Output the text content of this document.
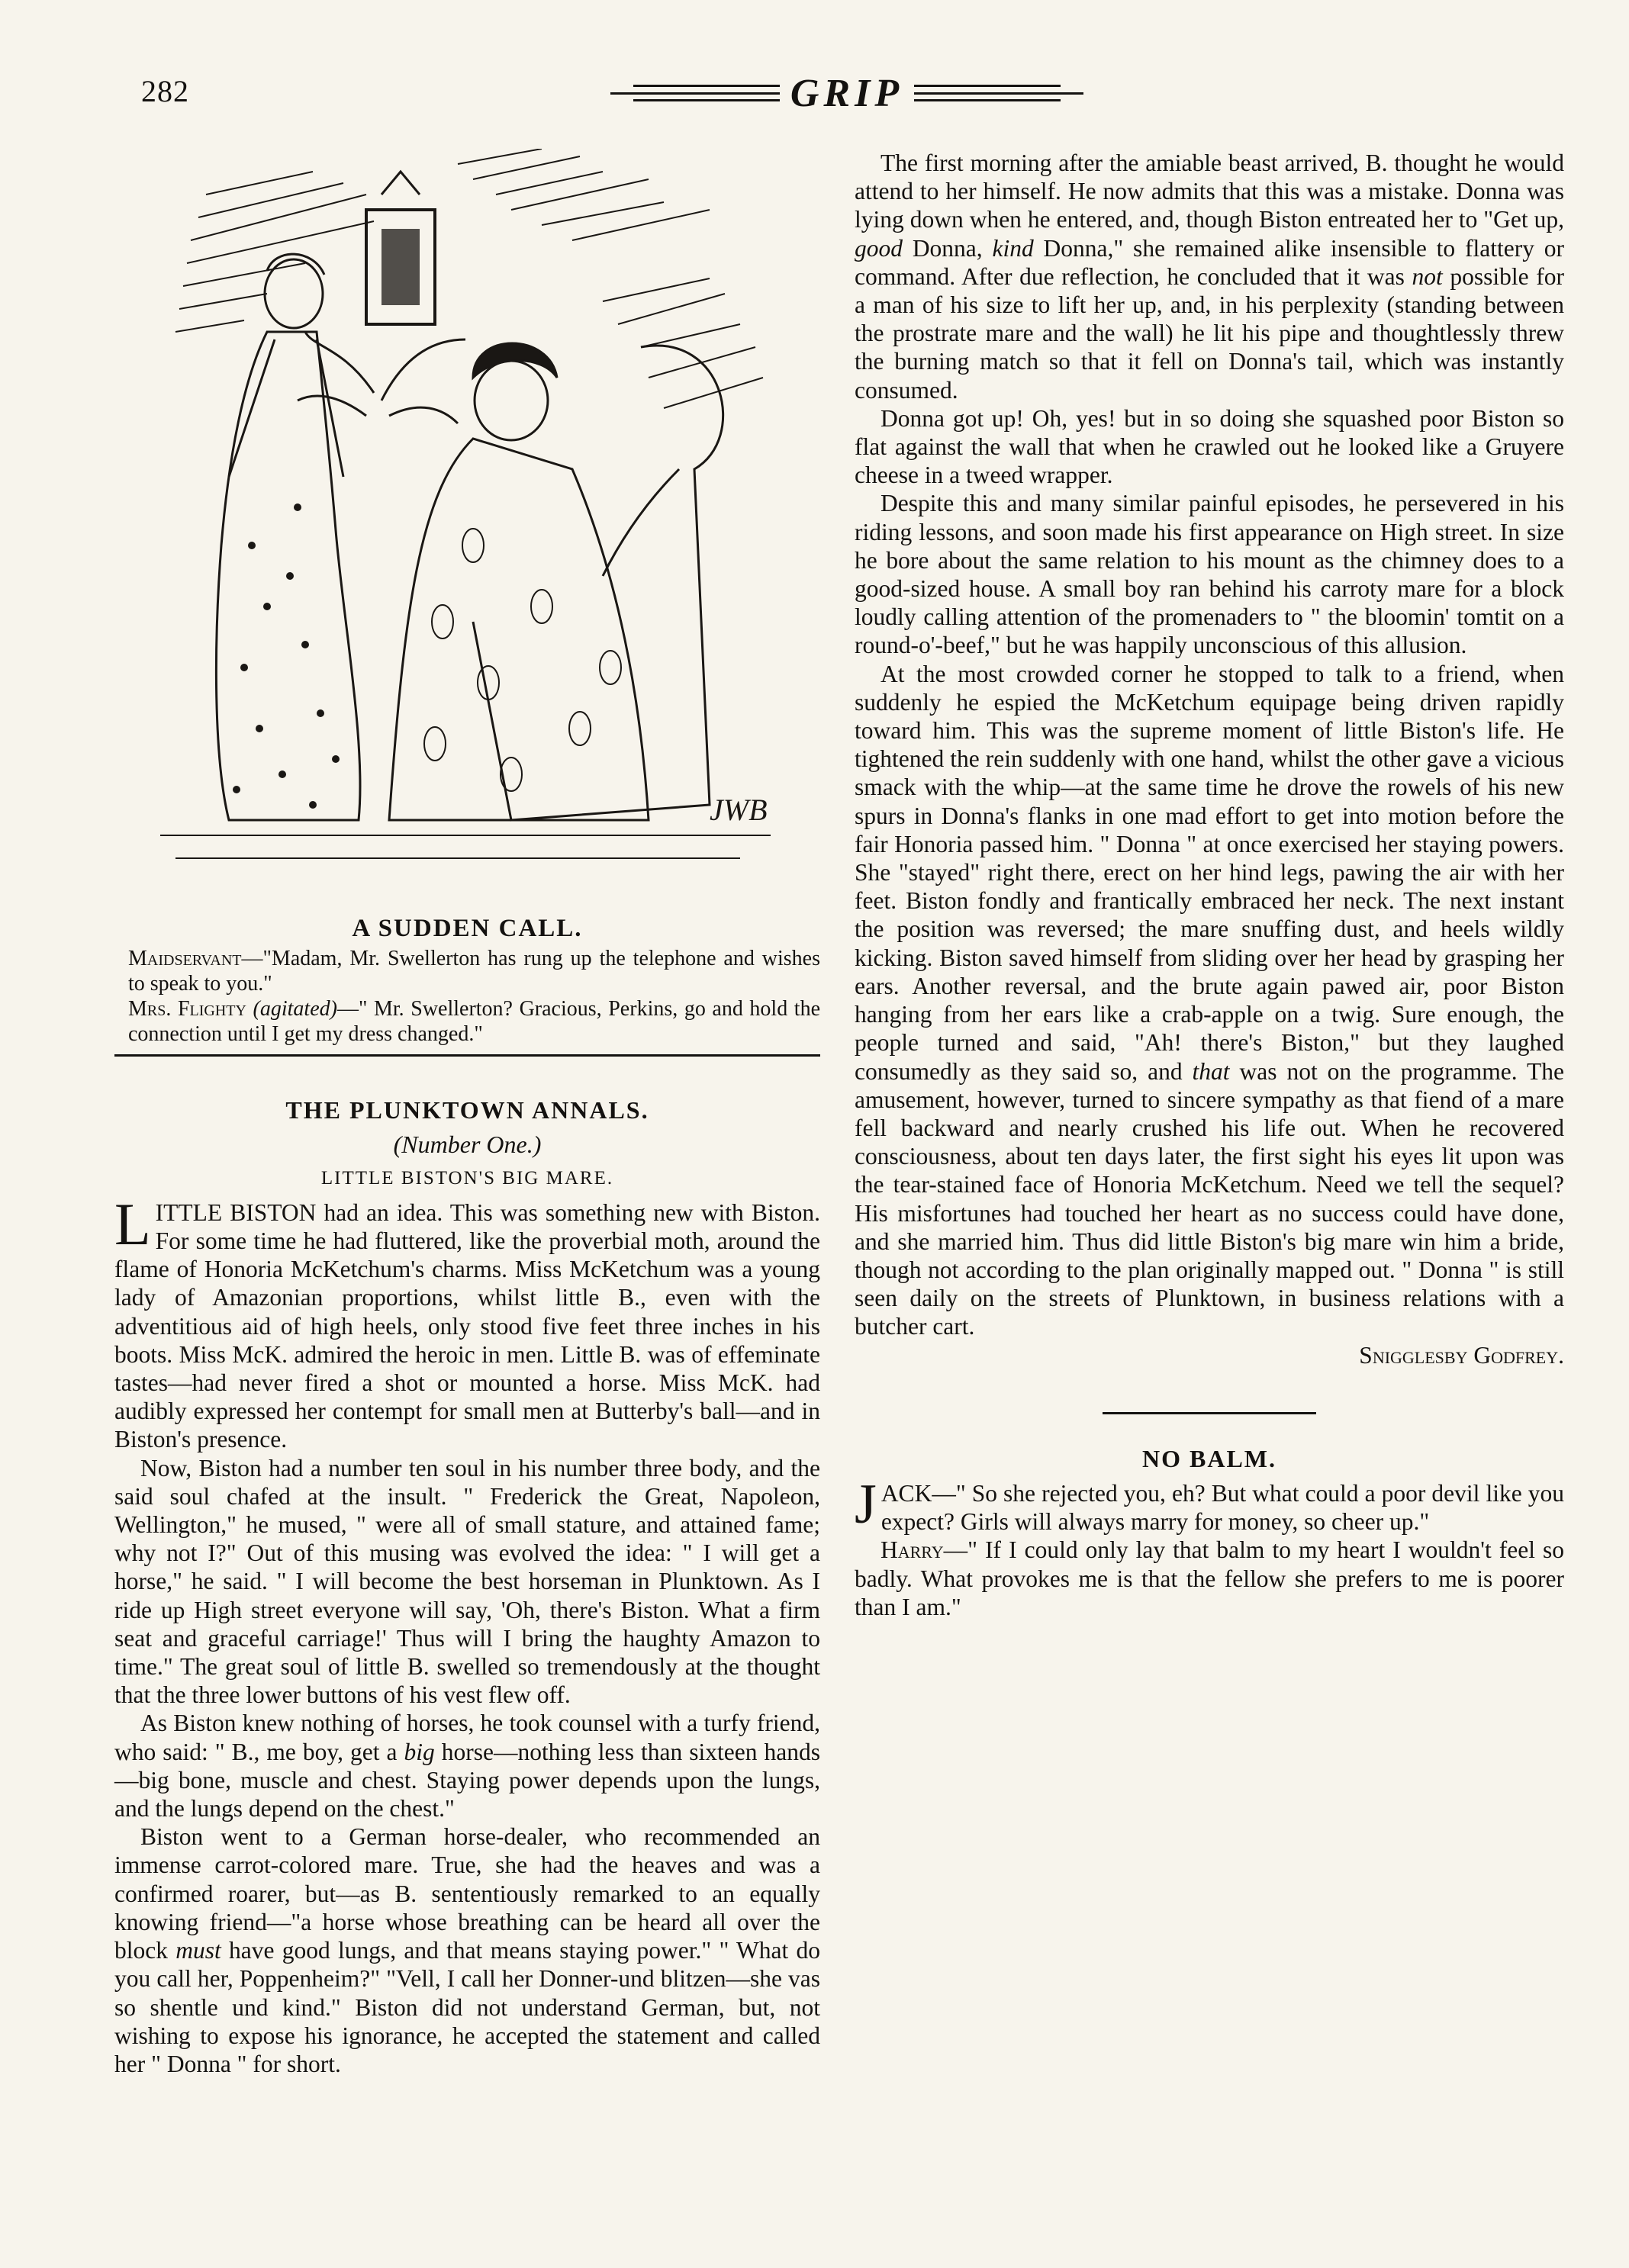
282	GRIP
JWB
A SUDDEN CALL.

Maidservant—"Madam, Mr. Swellerton has rung up the telephone and wishes to speak to you."

Mrs. Flighty (agitated)—" Mr. Swellerton? Gracious, Perkins, go and hold the connection until I get my dress changed."

THE PLUNKTOWN ANNALS.
(Number One.)
LITTLE BISTON'S BIG MARE.

LITTLE BISTON had an idea. This was something new with Biston. For some time he had fluttered, like the proverbial moth, around the flame of Honoria McKetchum's charms. Miss McKetchum was a young lady of Amazonian proportions, whilst little B., even with the adventitious aid of high heels, only stood five feet three inches in his boots. Miss McK. admired the heroic in men. Little B. was of effeminate tastes—had never fired a shot or mounted a horse. Miss McK. had audibly expressed her contempt for small men at Butterby's ball—and in Biston's presence.

Now, Biston had a number ten soul in his number three body, and the said soul chafed at the insult. " Frederick the Great, Napoleon, Wellington," he mused, " were all of small stature, and attained fame; why not I?" Out of this musing was evolved the idea: " I will get a horse," he said. " I will become the best horseman in Plunktown. As I ride up High street everyone will say, 'Oh, there's Biston. What a firm seat and graceful carriage!' Thus will I bring the haughty Amazon to time." The great soul of little B. swelled so tremendously at the thought that the three lower buttons of his vest flew off.

As Biston knew nothing of horses, he took counsel with a turfy friend, who said: " B., me boy, get a big horse—nothing less than sixteen hands—big bone, muscle and chest. Staying power depends upon the lungs, and the lungs depend on the chest."

Biston went to a German horse-dealer, who recommended an immense carrot-colored mare. True, she had the heaves and was a confirmed roarer, but—as B. sententiously remarked to an equally knowing friend—"a horse whose breathing can be heard all over the block must have good lungs, and that means staying power." " What do you call her, Poppenheim?" "Vell, I call her Donner-und blitzen—she vas so shentle und kind." Biston did not understand German, but, not wishing to expose his ignorance, he accepted the statement and called her " Donna " for short.

The first morning after the amiable beast arrived, B. thought he would attend to her himself. He now admits that this was a mistake. Donna was lying down when he entered, and, though Biston entreated her to "Get up, good Donna, kind Donna," she remained alike insensible to flattery or command. After due reflection, he concluded that it was not possible for a man of his size to lift her up, and, in his perplexity (standing between the prostrate mare and the wall) he lit his pipe and thoughtlessly threw the burning match so that it fell on Donna's tail, which was instantly consumed.

Donna got up! Oh, yes! but in so doing she squashed poor Biston so flat against the wall that when he crawled out he looked like a Gruyere cheese in a tweed wrapper.

Despite this and many similar painful episodes, he persevered in his riding lessons, and soon made his first appearance on High street. In size he bore about the same relation to his mount as the chimney does to a good-sized house. A small boy ran behind his carroty mare for a block loudly calling attention of the promenaders to " the bloomin' tomtit on a round-o'-beef," but he was happily unconscious of this allusion.

At the most crowded corner he stopped to talk to a friend, when suddenly he espied the McKetchum equipage being driven rapidly toward him. This was the supreme moment of little Biston's life. He tightened the rein suddenly with one hand, whilst the other gave a vicious smack with the whip—at the same time he drove the rowels of his new spurs in Donna's flanks in one mad effort to get into motion before the fair Honoria passed him. " Donna " at once exercised her staying powers. She "stayed" right there, erect on her hind legs, pawing the air with her feet. Biston fondly and frantically embraced her neck. The next instant the position was reversed; the mare snuffing dust, and heels wildly kicking. Biston saved himself from sliding over her head by grasping her ears. Another reversal, and the brute again pawed air, poor Biston hanging from her ears like a crab-apple on a twig. Sure enough, the people turned and said, "Ah! there's Biston," but they laughed consumedly as they said so, and that was not on the programme. The amusement, however, turned to sincere sympathy as that fiend of a mare fell backward and nearly crushed his life out. When he recovered consciousness, about ten days later, the first sight his eyes lit upon was the tear-stained face of Honoria McKetchum. Need we tell the sequel? His misfortunes had touched her heart as no success could have done, and she married him. Thus did little Biston's big mare win him a bride, though not according to the plan originally mapped out. " Donna " is still seen daily on the streets of Plunktown, in business relations with a butcher cart.

Snigglesby Godfrey.
NO BALM.

JACK—" So she rejected you, eh? But what could a poor devil like you expect? Girls will always marry for money, so cheer up."

Harry—" If I could only lay that balm to my heart I wouldn't feel so badly. What provokes me is that the fellow she prefers to me is poorer than I am."
